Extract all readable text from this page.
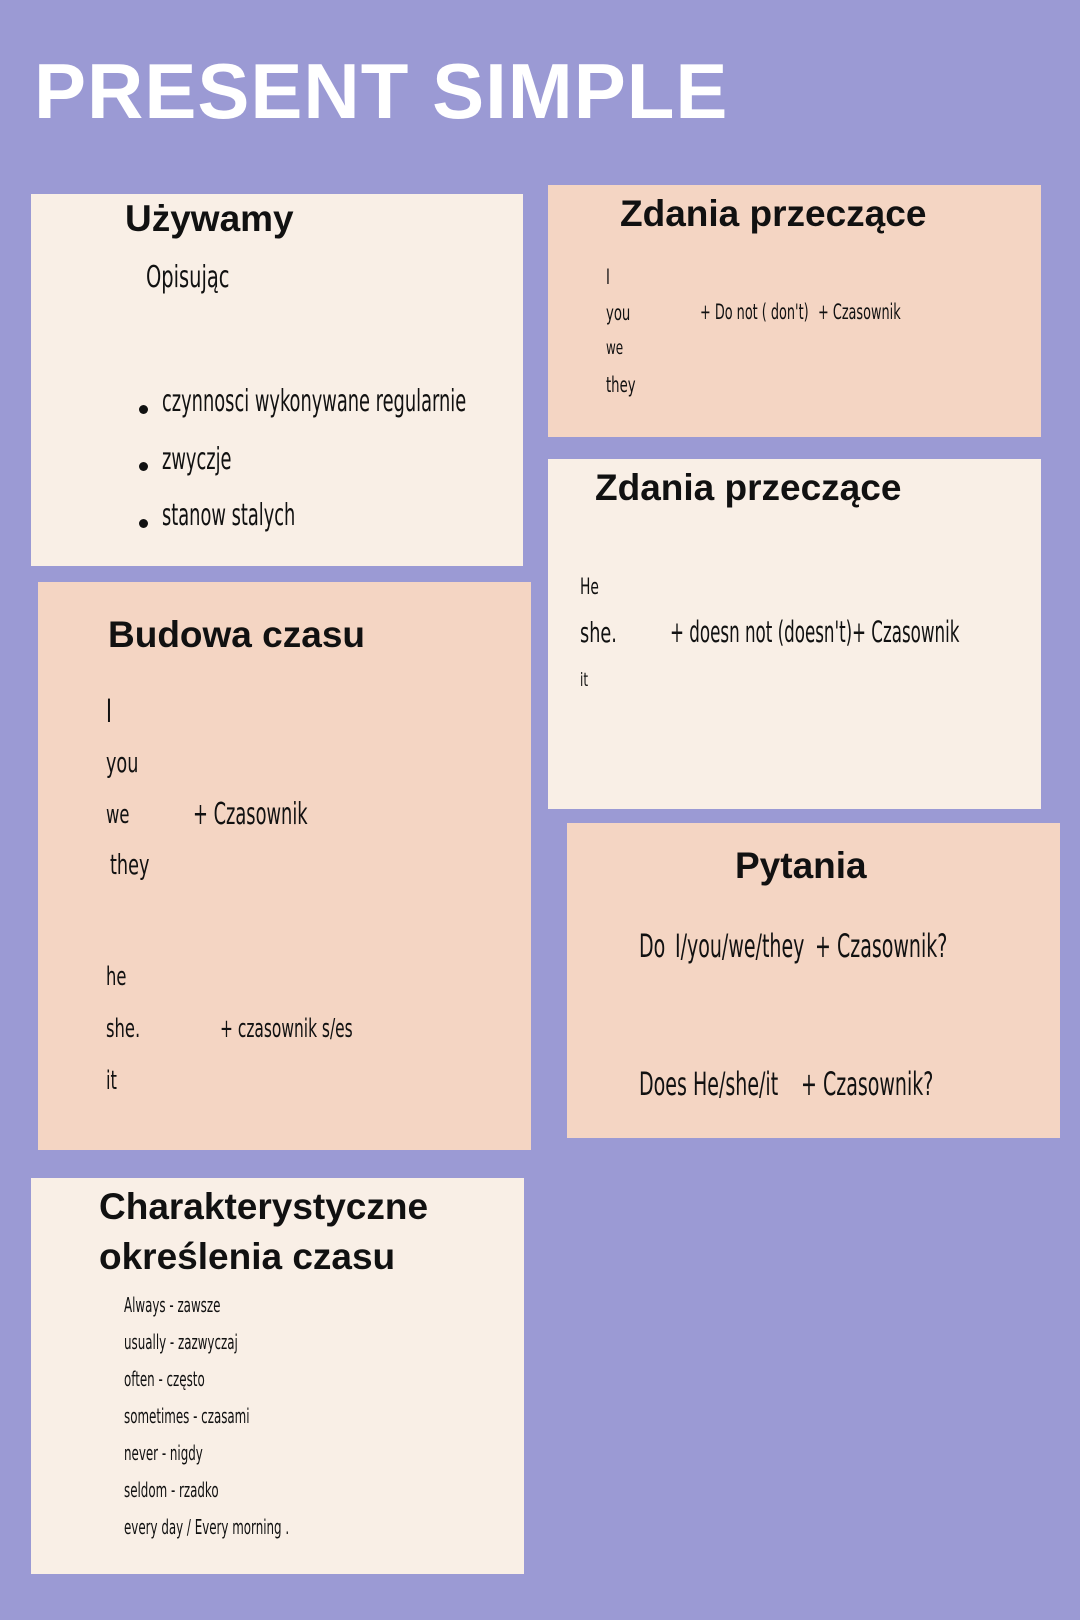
PRESENT SIMPLE
Używamy
Opisując
czynnosci wykonywane regularnie
zwyczje
stanow stalych
Zdania przeczące
I
you
we
they
+ Do not ( don't) + Czasownik
Zdania przeczące
He
she.
it
+ doesn not (doesn't) + Czasownik
Budowa czasu
I
you
we
they
+ Czasownik
he
she.
it
+ czasownik s/es
Pytania
Do I/you/we/they + Czasownik?
Does He/she/it + Czasownik?
Charakterystyczne
określenia czasu
Always - zawsze
usually - zazwyczaj
often - często
sometimes - czasami
never - nigdy
seldom - rzadko
every day / Every morning .
